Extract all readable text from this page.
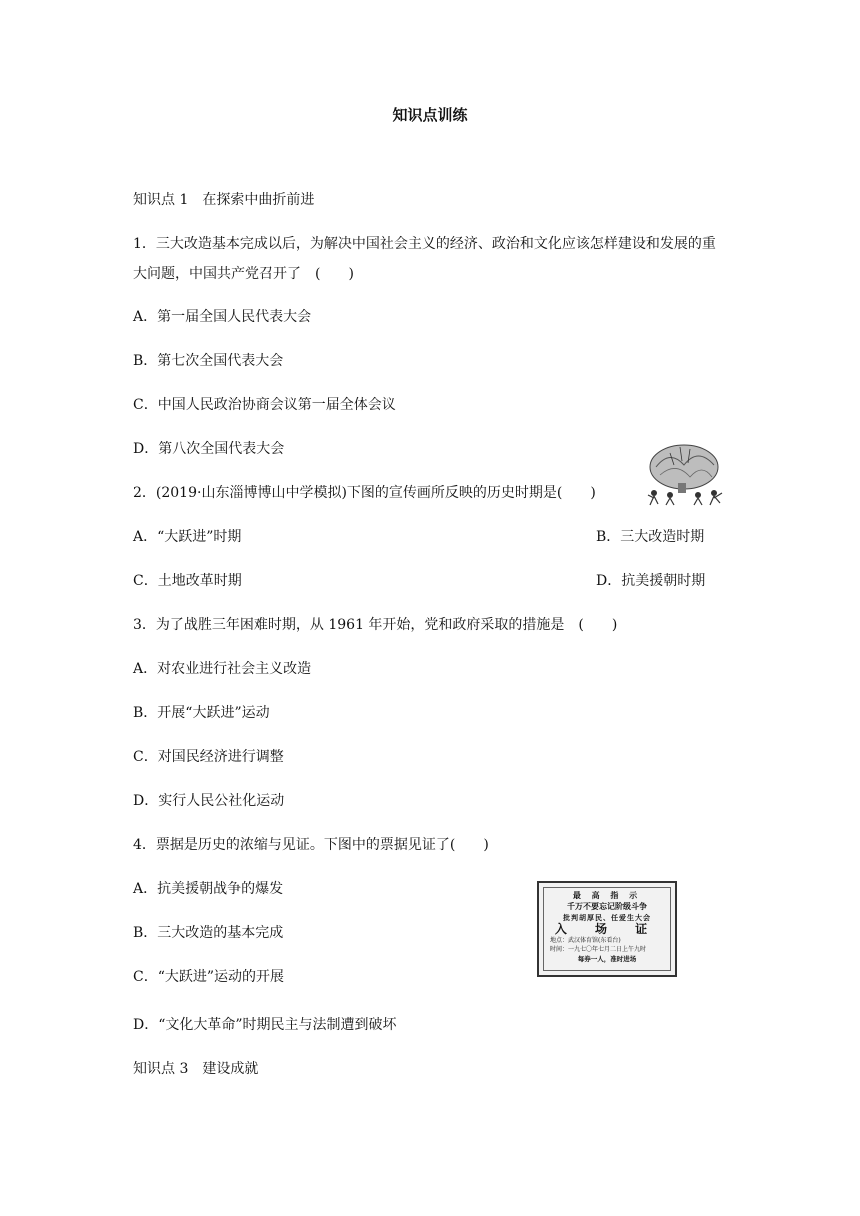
知识点训练
知识点 1　在探索中曲折前进
1．三大改造基本完成以后，为解决中国社会主义的经济、政治和文化应该怎样建设和发展的重
大问题，中国共产党召开了　(　　)
A．第一届全国人民代表大会
B．第七次全国代表大会
C．中国人民政治协商会议第一届全体会议
D．第八次全国代表大会
2．(2019·山东淄博博山中学模拟)下图的宣传画所反映的历史时期是(　　)
A．“大跃进”时期	B．三大改造时期
C．土地改革时期	D．抗美援朝时期
3．为了战胜三年困难时期，从 1961 年开始，党和政府采取的措施是　(　　)
A．对农业进行社会主义改造
B．开展“大跃进”运动
C．对国民经济进行调整
D．实行人民公社化运动
4．票据是历史的浓缩与见证。下图中的票据见证了(　　)
A．抗美援朝战争的爆发
B．三大改造的基本完成
C．“大跃进”运动的开展
D．“文化大革命”时期民主与法制遭到破坏
最 高 指 示
千万不要忘记阶级斗争
批判胡厚民、任爱生大会
入 场 证
地点：武汉体育馆(东看台)
时间：一九七〇年七月二日上午九时
每券一人，准时进场
知识点 3　建设成就
